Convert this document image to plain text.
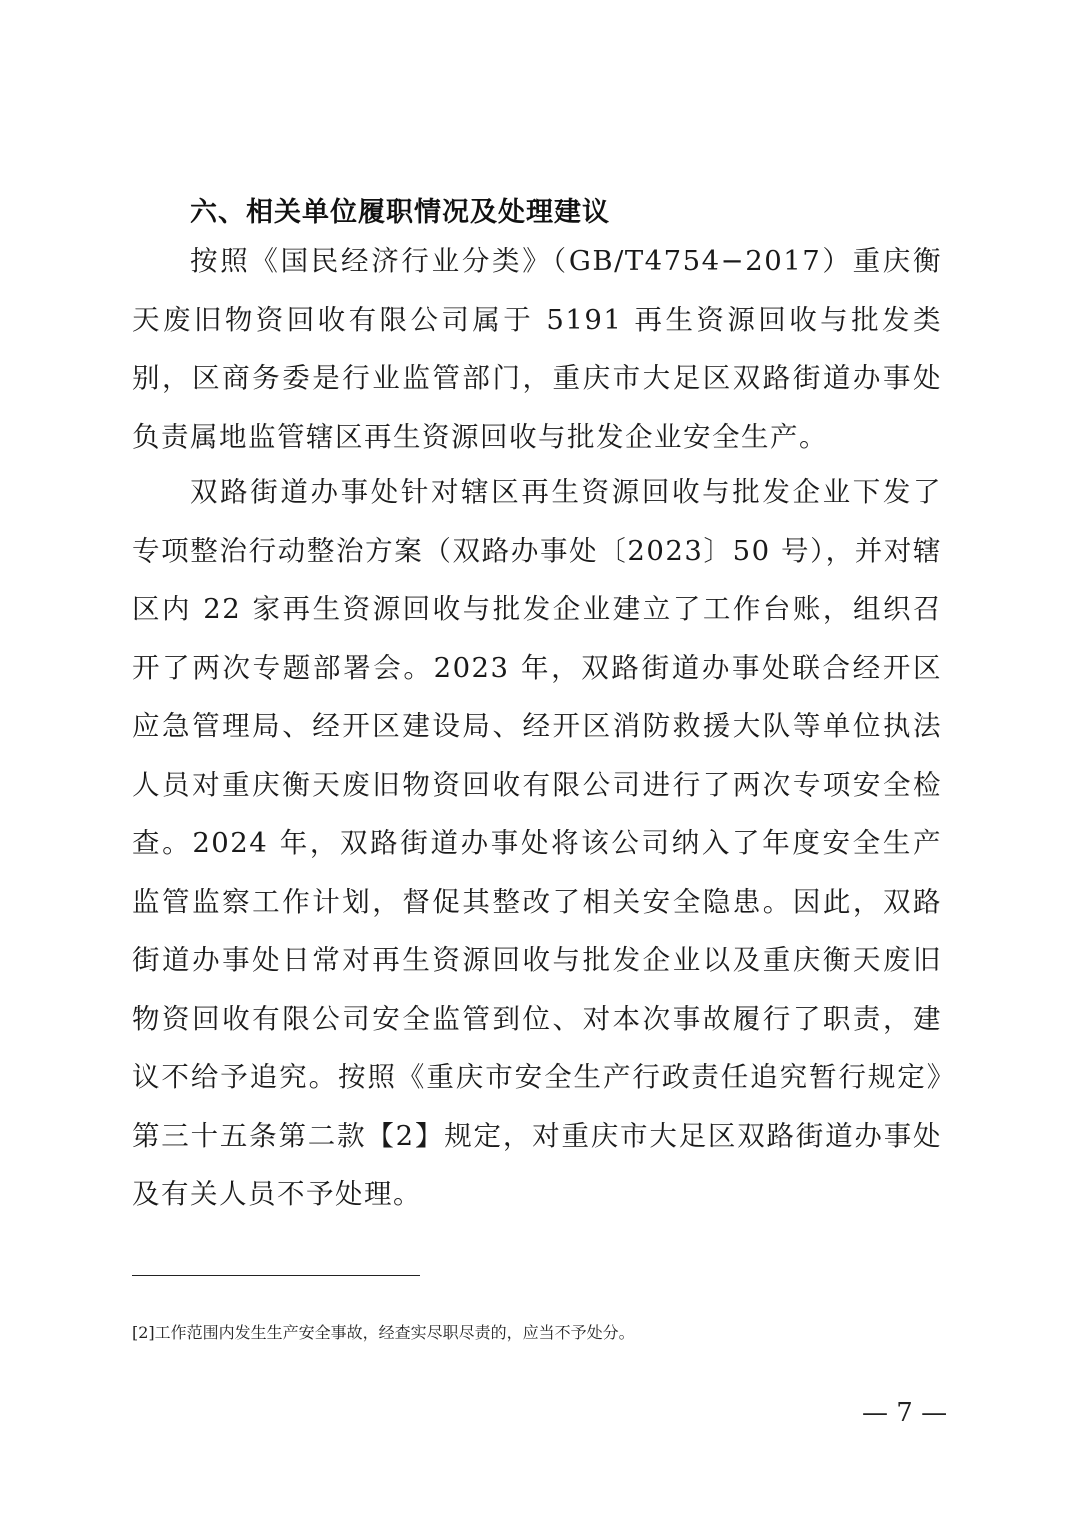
六、相关单位履职情况及处理建议

按照《国民经济行业分类》（GB/T4754−2017）重庆衡天废旧物资回收有限公司属于 5191 再生资源回收与批发类别，区商务委是行业监管部门，重庆市大足区双路街道办事处负责属地监管辖区再生资源回收与批发企业安全生产。

双路街道办事处针对辖区再生资源回收与批发企业下发了专项整治行动整治方案（双路办事处〔2023〕50 号），并对辖区内 22 家再生资源回收与批发企业建立了工作台账，组织召开了两次专题部署会。2023 年，双路街道办事处联合经开区应急管理局、经开区建设局、经开区消防救援大队等单位执法人员对重庆衡天废旧物资回收有限公司进行了两次专项安全检查。2024 年，双路街道办事处将该公司纳入了年度安全生产监管监察工作计划，督促其整改了相关安全隐患。因此，双路街道办事处日常对再生资源回收与批发企业以及重庆衡天废旧物资回收有限公司安全监管到位、对本次事故履行了职责，建议不给予追究。按照《重庆市安全生产行政责任追究暂行规定》第三十五条第二款【2】规定，对重庆市大足区双路街道办事处及有关人员不予处理。

[2]工作范围内发生生产安全事故，经查实尽职尽责的，应当不予处分。
— 7 —
